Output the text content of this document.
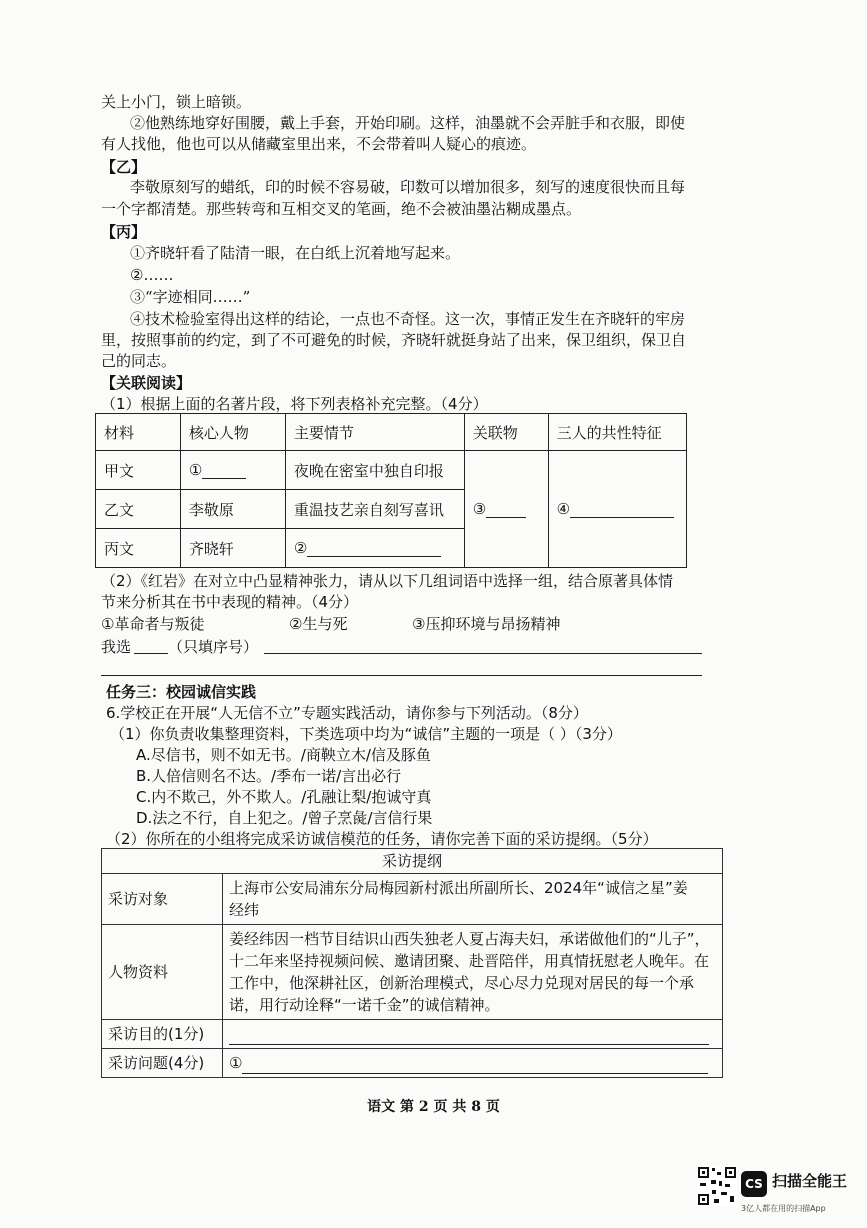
关上小门，锁上暗锁。
②他熟练地穿好围腰，戴上手套，开始印刷。这样，油墨就不会弄脏手和衣服，即使
有人找他，他也可以从储藏室里出来，不会带着叫人疑心的痕迹。
【乙】
李敬原刻写的蜡纸，印的时候不容易破，印数可以增加很多，刻写的速度很快而且每
一个字都清楚。那些转弯和互相交叉的笔画，绝不会被油墨沾糊成墨点。
【丙】
①齐晓轩看了陆清一眼，在白纸上沉着地写起来。
②……
③“字迹相同……”
④技术检验室得出这样的结论，一点也不奇怪。这一次，事情正发生在齐晓轩的牢房
里，按照事前的约定，到了不可避免的时候，齐晓轩就挺身站了出来，保卫组织，保卫自
己的同志。
【关联阅读】
（1）根据上面的名著片段，将下列表格补充完整。（4分）
材料	核心人物	主要情节	关联物	三人的共性特征
甲文	①	夜晚在密室中独自印报	③	④
乙文	李敬原	重温技艺亲自刻写喜讯		
丙文	齐晓轩	②		
（2）《红岩》在对立中凸显精神张力，请从以下几组词语中选择一组，结合原著具体情
节来分析其在书中表现的精神。（4分）
①革命者与叛徒	②生与死	③压抑环境与昂扬精神
我选 （只填序号）
任务三：校园诚信实践
6.学校正在开展“人无信不立”专题实践活动，请你参与下列活动。（8分）
（1）你负责收集整理资料，下类选项中均为“诚信”主题的一项是（ ）（3分）
A.尽信书，则不如无书。/商鞅立木/信及豚鱼
B.人倍信则名不达。/季布一诺/言出必行
C.内不欺己，外不欺人。/孔融让梨/抱诚守真
D.法之不行，自上犯之。/曾子烹彘/言信行果
（2）你所在的小组将完成采访诚信模范的任务，请你完善下面的采访提纲。（5分）
采访提纲	
采访对象	上海市公安局浦东分局梅园新村派出所副所长、2024年“诚信之星”姜经纬
人物资料	姜经纬因一档节目结识山西失独老人夏占海夫妇，承诺做他们的“儿子”，十二年来坚持视频问候、邀请团聚、赴晋陪伴，用真情抚慰老人晚年。在工作中，他深耕社区，创新治理模式，尽心尽力兑现对居民的每一个承诺，用行动诠释“一诺千金”的诚信精神。
采访目的(1分)	
采访问题(4分)	①
语文 第 2 页 共 8 页
CS 扫描全能王
3亿人都在用的扫描App
